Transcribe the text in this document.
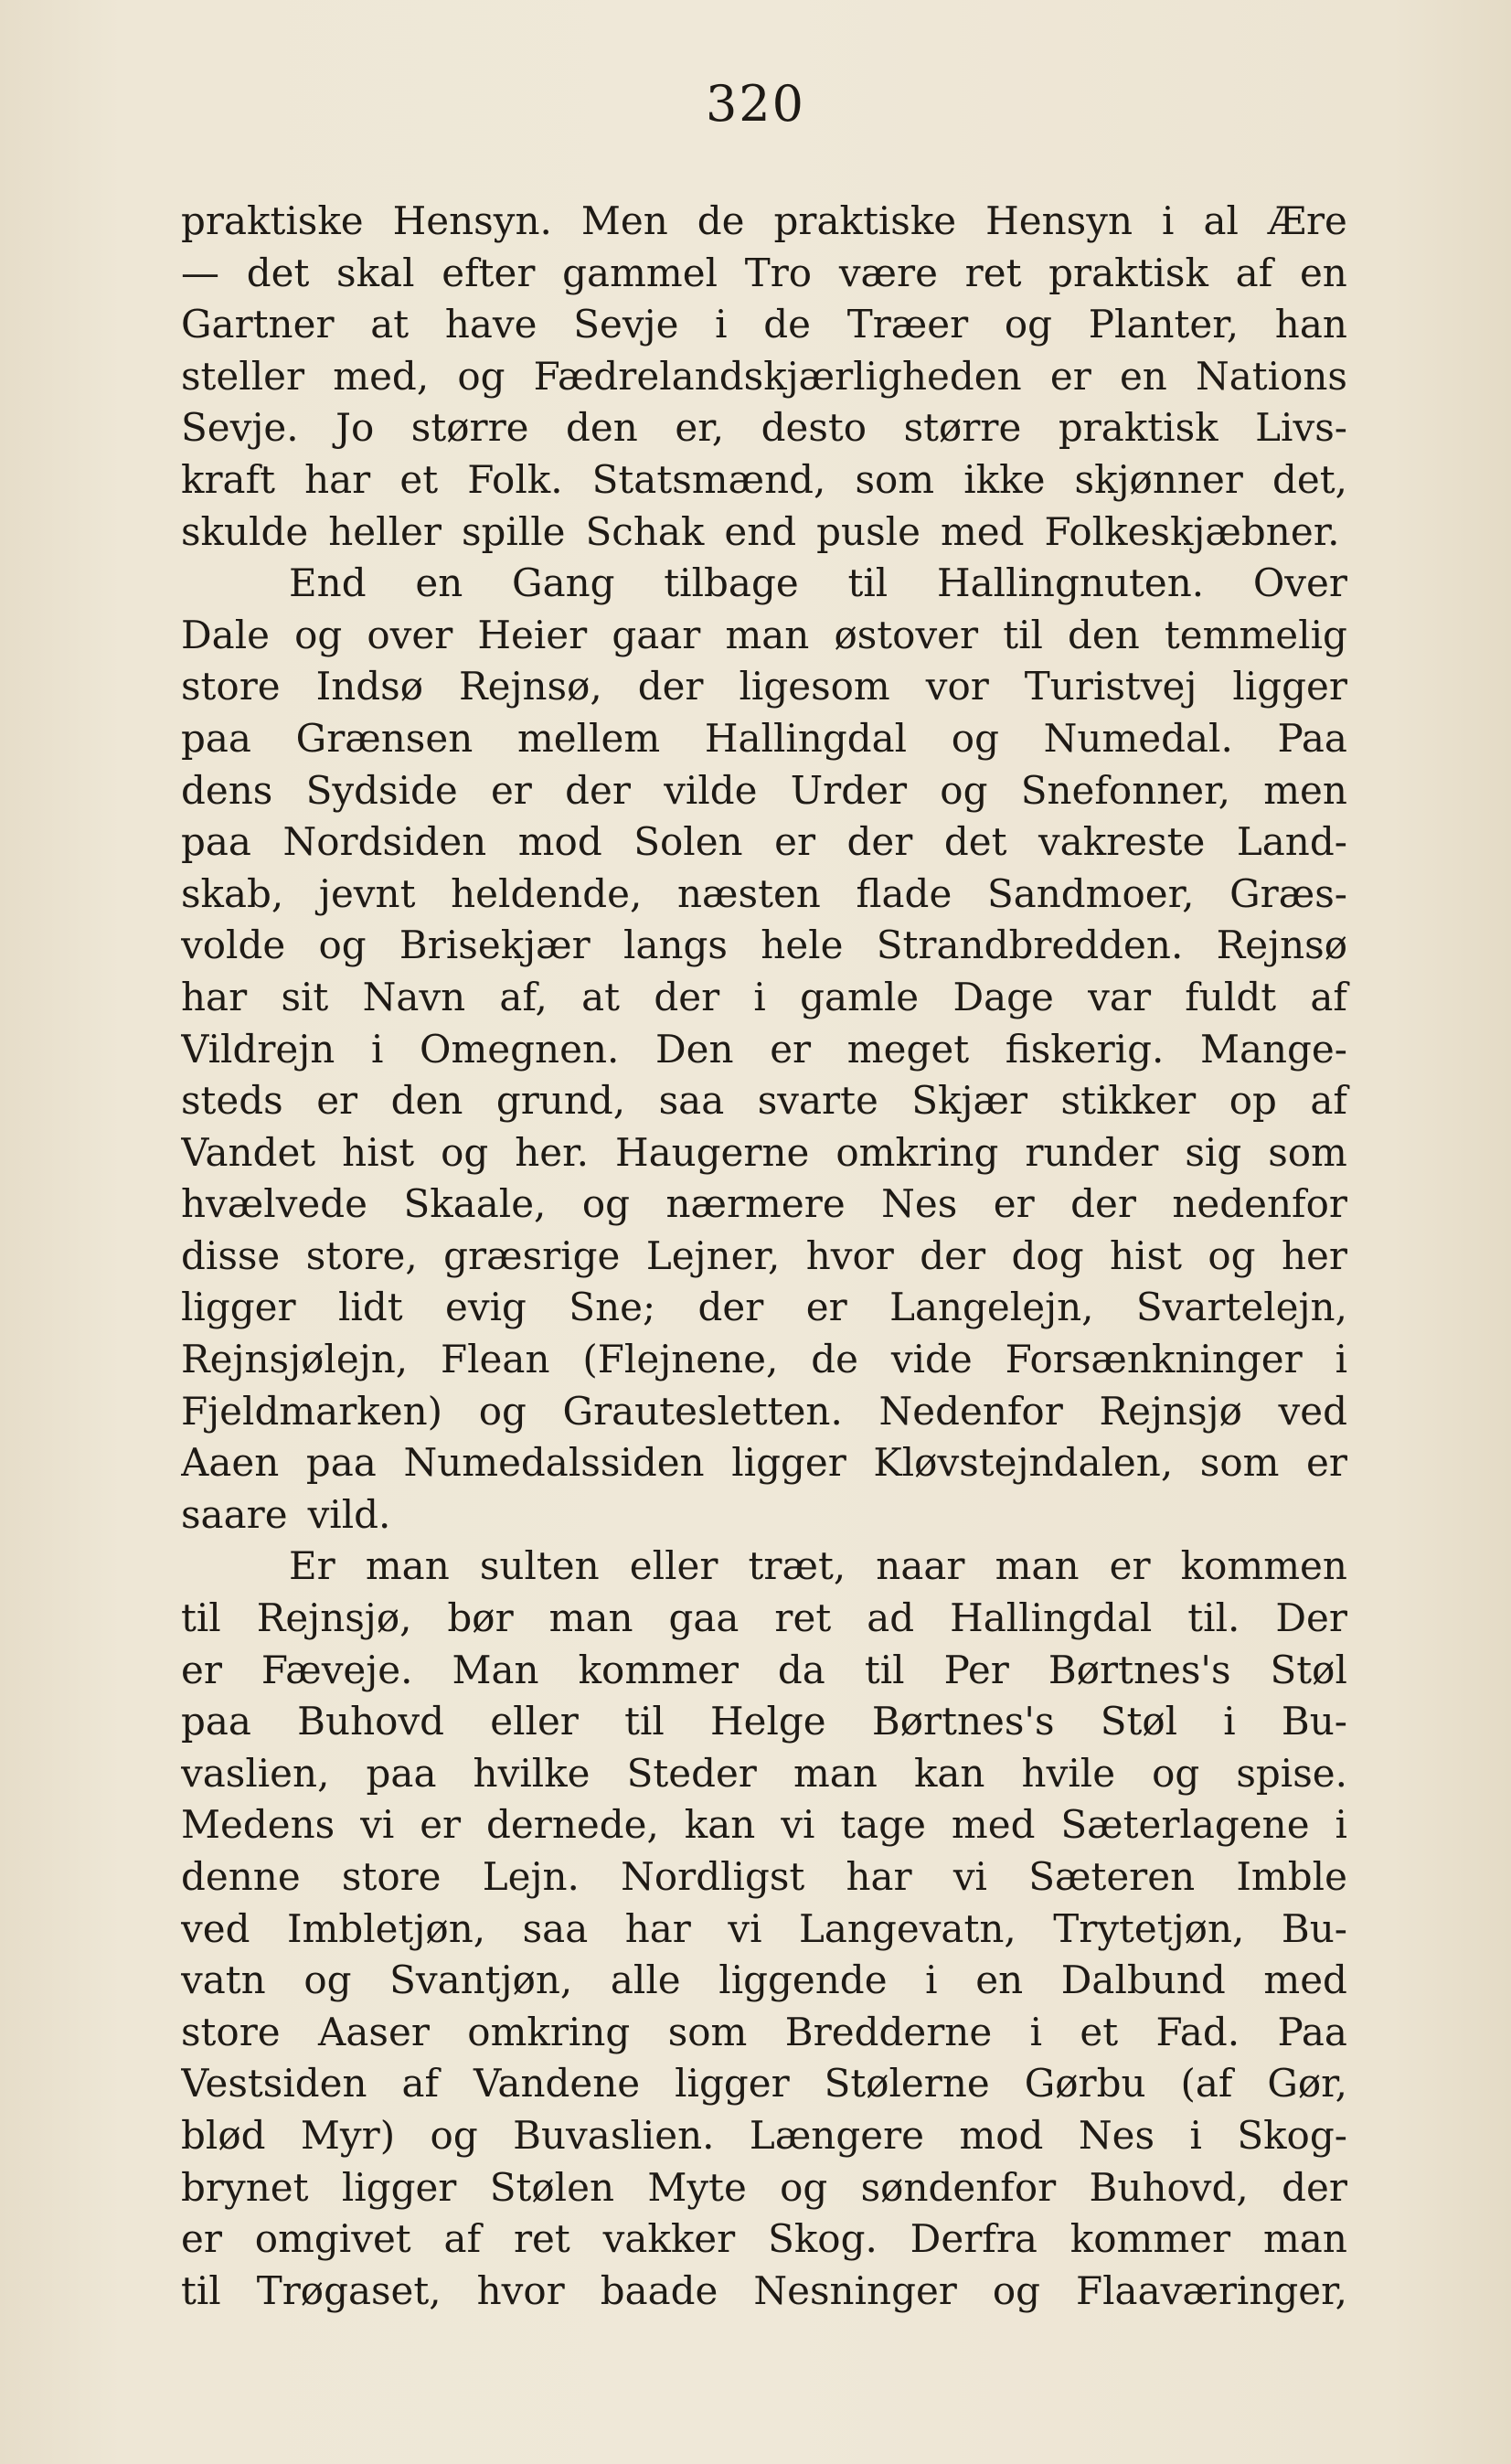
320
praktiske Hensyn. Men de praktiske Hensyn i al Ære
— det skal efter gammel Tro være ret praktisk af en
Gartner at have Sevje i de Træer og Planter, han
steller med, og Fædrelandskjærligheden er en Nations
Sevje. Jo større den er, desto større praktisk Livs-
kraft har et Folk. Statsmænd, som ikke skjønner det,
skulde heller spille Schak end pusle med Folkeskjæbner.
End en Gang tilbage til Hallingnuten. Over
Dale og over Heier gaar man østover til den temmelig
store Indsø Rejnsø, der ligesom vor Turistvej ligger
paa Grænsen mellem Hallingdal og Numedal. Paa
dens Sydside er der vilde Urder og Snefonner, men
paa Nordsiden mod Solen er der det vakreste Land-
skab, jevnt heldende, næsten flade Sandmoer, Græs-
volde og Brisekjær langs hele Strandbredden. Rejnsø
har sit Navn af, at der i gamle Dage var fuldt af
Vildrejn i Omegnen. Den er meget fiskerig. Mange-
steds er den grund, saa svarte Skjær stikker op af
Vandet hist og her. Haugerne omkring runder sig som
hvælvede Skaale, og nærmere Nes er der nedenfor
disse store, græsrige Lejner, hvor der dog hist og her
ligger lidt evig Sne; der er Langelejn, Svartelejn,
Rejnsjølejn, Flean (Flejnene, de vide Forsænkninger i
Fjeldmarken) og Grautesletten. Nedenfor Rejnsjø ved
Aaen paa Numedalssiden ligger Kløvstejndalen, som er
saare vild.
Er man sulten eller træt, naar man er kommen
til Rejnsjø, bør man gaa ret ad Hallingdal til. Der
er Fæveje. Man kommer da til Per Børtnes's Støl
paa Buhovd eller til Helge Børtnes's Støl i Bu-
vaslien, paa hvilke Steder man kan hvile og spise.
Medens vi er dernede, kan vi tage med Sæterlagene i
denne store Lejn. Nordligst har vi Sæteren Imble
ved Imbletjøn, saa har vi Langevatn, Trytetjøn, Bu-
vatn og Svantjøn, alle liggende i en Dalbund med
store Aaser omkring som Bredderne i et Fad. Paa
Vestsiden af Vandene ligger Stølerne Gørbu (af Gør,
blød Myr) og Buvaslien. Længere mod Nes i Skog-
brynet ligger Stølen Myte og søndenfor Buhovd, der
er omgivet af ret vakker Skog. Derfra kommer man
til Trøgaset, hvor baade Nesninger og Flaaværinger,
